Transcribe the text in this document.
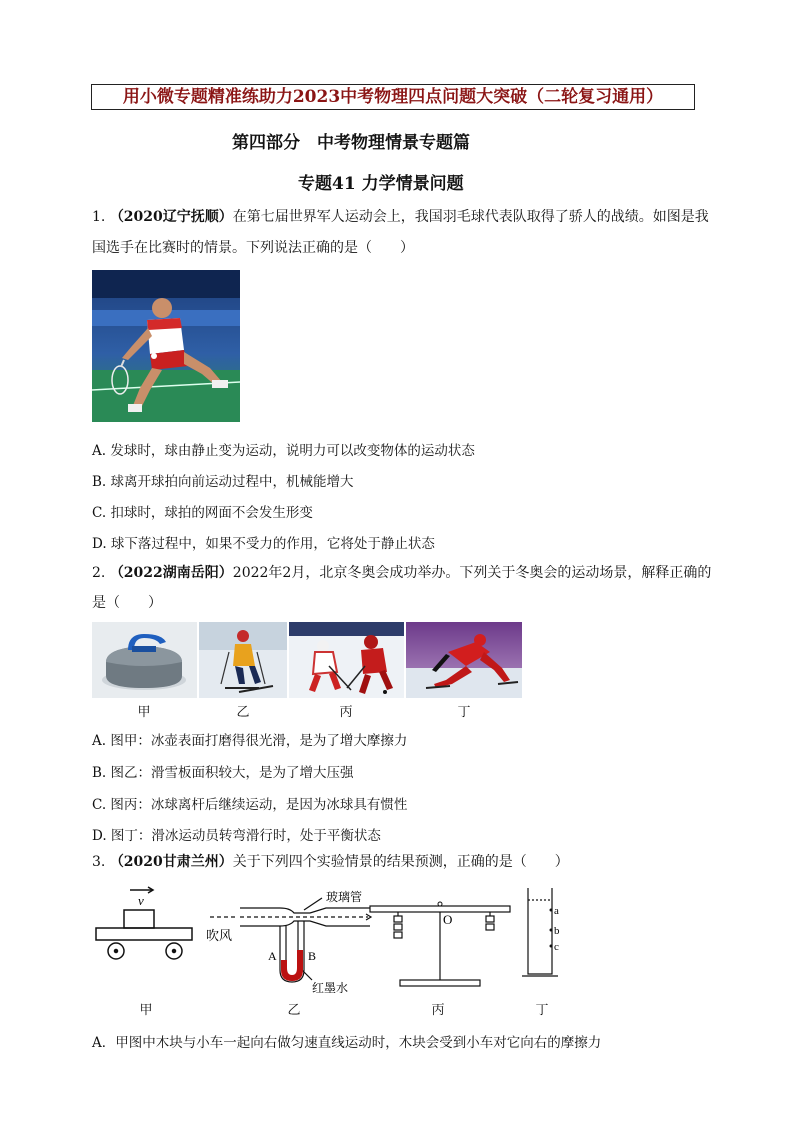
用小微专题精准练助力2023中考物理四点问题大突破（二轮复习通用）
第四部分　中考物理情景专题篇
专题41 力学情景问题
1. （2020辽宁抚顺）在第七届世界军人运动会上，我国羽毛球代表队取得了骄人的战绩。如图是我
国选手在比赛时的情景。下列说法正确的是（　　）
A. 发球时，球由静止变为运动，说明力可以改变物体的运动状态
B. 球离开球拍向前运动过程中，机械能增大
C. 扣球时，球拍的网面不会发生形变
D. 球下落过程中，如果不受力的作用，它将处于静止状态
2. （2022湖南岳阳）2022年2月，北京冬奥会成功举办。下列关于冬奥会的运动场景，解释正确的
是（　　）
甲	乙	丙	丁
A. 图甲：冰壶表面打磨得很光滑，是为了增大摩擦力
B. 图乙：滑雪板面积较大，是为了增大压强
C. 图丙：冰球离杆后继续运动，是因为冰球具有惯性
D. 图丁：滑冰运动员转弯滑行时，处于平衡状态
3. （2020甘肃兰州）关于下列四个实验情景的结果预测，正确的是（　　）
v
吹风
玻璃管
A	B
红墨水
O
a
b
c
甲	乙	丙	丁
A．甲图中木块与小车一起向右做匀速直线运动时，木块会受到小车对它向右的摩擦力
